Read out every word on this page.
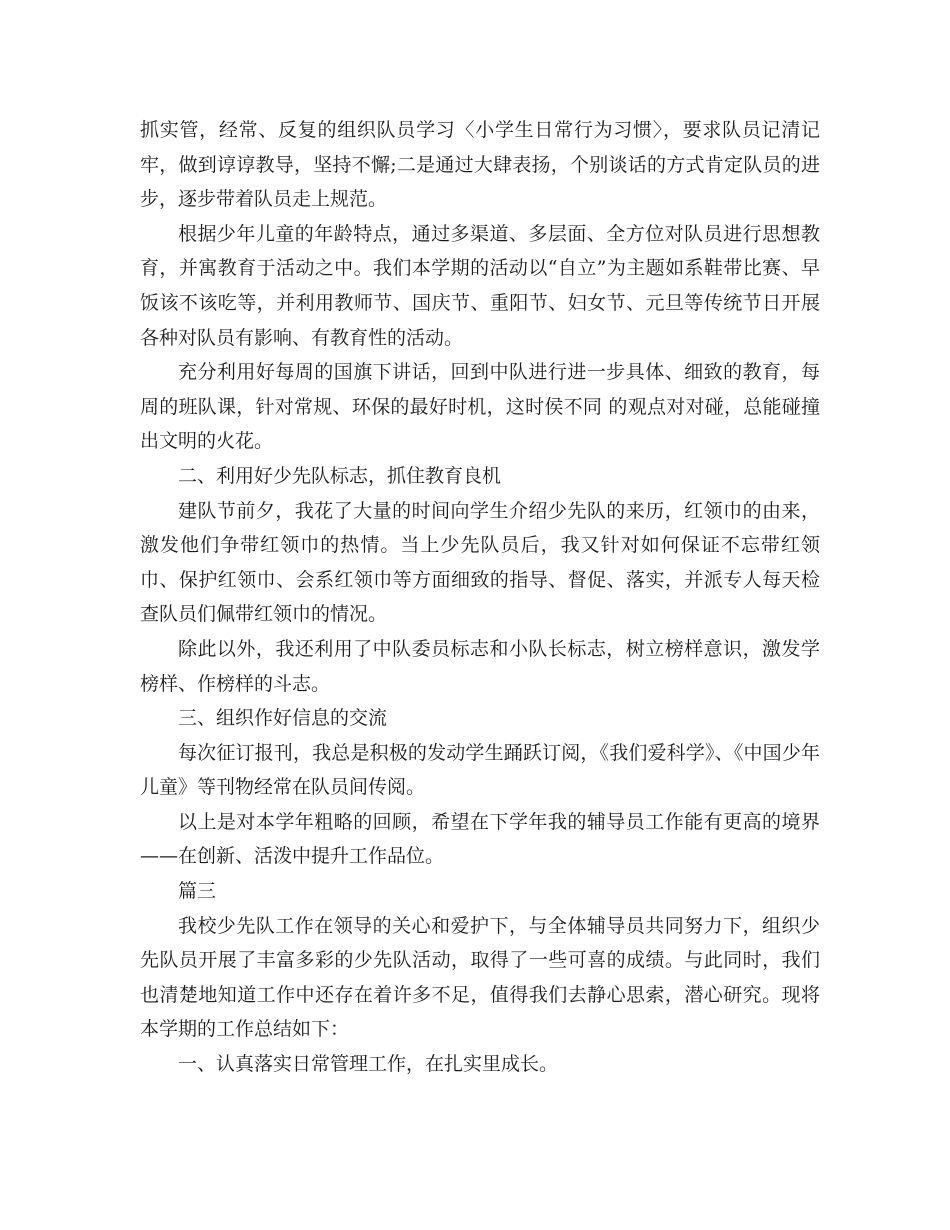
抓实管，经常、反复的组织队员学习〈小学生日常行为习惯〉，要求队员记清记牢，做到谆谆教导，坚持不懈;二是通过大肆表扬，个别谈话的方式肯定队员的进步，逐步带着队员走上规范。

根据少年儿童的年龄特点，通过多渠道、多层面、全方位对队员进行思想教育，并寓教育于活动之中。我们本学期的活动以“自立”为主题如系鞋带比赛、早饭该不该吃等，并利用教师节、国庆节、重阳节、妇女节、元旦等传统节日开展各种对队员有影响、有教育性的活动。

充分利用好每周的国旗下讲话，回到中队进行进一步具体、细致的教育，每周的班队课，针对常规、环保的最好时机，这时侯不同 的观点对对碰，总能碰撞出文明的火花。

二、利用好少先队标志，抓住教育良机

建队节前夕，我花了大量的时间向学生介绍少先队的来历，红领巾的由来，激发他们争带红领巾的热情。当上少先队员后，我又针对如何保证不忘带红领巾、保护红领巾、会系红领巾等方面细致的指导、督促、落实，并派专人每天检查队员们佩带红领巾的情况。

除此以外，我还利用了中队委员标志和小队长标志，树立榜样意识，激发学榜样、作榜样的斗志。

三、组织作好信息的交流

每次征订报刊，我总是积极的发动学生踊跃订阅，《我们爱科学》、《中国少年儿童》等刊物经常在队员间传阅。

以上是对本学年粗略的回顾，希望在下学年我的辅导员工作能有更高的境界——在创新、活泼中提升工作品位。

篇三

我校少先队工作在领导的关心和爱护下，与全体辅导员共同努力下，组织少先队员开展了丰富多彩的少先队活动，取得了一些可喜的成绩。与此同时，我们也清楚地知道工作中还存在着许多不足，值得我们去静心思索，潜心研究。现将本学期的工作总结如下：

一、认真落实日常管理工作，在扎实里成长。
